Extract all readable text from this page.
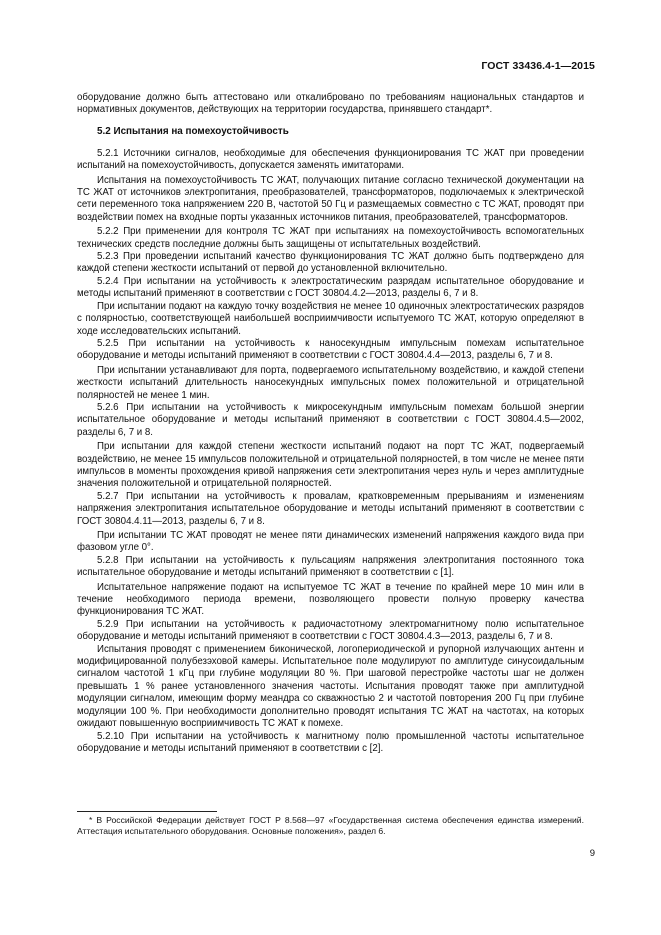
ГОСТ 33436.4-1—2015

оборудование должно быть аттестовано или откалибровано по требованиям национальных стандартов и нормативных документов, действующих на территории государства, принявшего стандарт*.

5.2 Испытания на помехоустойчивость

5.2.1 Источники сигналов, необходимые для обеспечения функционирования ТС ЖАТ при проведении испытаний на помехоустойчивость, допускается заменять имитаторами.

Испытания на помехоустойчивость ТС ЖАТ, получающих питание согласно технической документации на ТС ЖАТ от источников электропитания, преобразователей, трансформаторов, подключаемых к электрической сети переменного тока напряжением 220 В, частотой 50 Гц и размещаемых совместно с ТС ЖАТ, проводят при воздействии помех на входные порты указанных источников питания, преобразователей, трансформаторов.

5.2.2 При применении для контроля ТС ЖАТ при испытаниях на помехоустойчивость вспомогательных технических средств последние должны быть защищены от испытательных воздействий.

5.2.3 При проведении испытаний качество функционирования ТС ЖАТ должно быть подтверждено для каждой степени жесткости испытаний от первой до установленной включительно.

5.2.4 При испытании на устойчивость к электростатическим разрядам испытательное оборудование и методы испытаний применяют в соответствии с ГОСТ 30804.4.2—2013, разделы 6, 7 и 8.

При испытании подают на каждую точку воздействия не менее 10 одиночных электростатических разрядов с полярностью, соответствующей наибольшей восприимчивости испытуемого ТС ЖАТ, которую определяют в ходе исследовательских испытаний.

5.2.5 При испытании на устойчивость к наносекундным импульсным помехам испытательное оборудование и методы испытаний применяют в соответствии с ГОСТ 30804.4.4—2013, разделы 6, 7 и 8.

При испытании устанавливают для порта, подвергаемого испытательному воздействию, и каждой степени жесткости испытаний длительность наносекундных импульсных помех положительной и отрицательной полярностей не менее 1 мин.

5.2.6 При испытании на устойчивость к микросекундным импульсным помехам большой энергии испытательное оборудование и методы испытаний применяют в соответствии с ГОСТ 30804.4.5—2002, разделы 6, 7 и 8.

При испытании для каждой степени жесткости испытаний подают на порт ТС ЖАТ, подвергаемый воздействию, не менее 15 импульсов положительной и отрицательной полярностей, в том числе не менее пяти импульсов в моменты прохождения кривой напряжения сети электропитания через нуль и через амплитудные значения положительной и отрицательной полярностей.

5.2.7 При испытании на устойчивость к провалам, кратковременным прерываниям и изменениям напряжения электропитания испытательное оборудование и методы испытаний применяют в соответствии с ГОСТ 30804.4.11—2013, разделы 6, 7 и 8.

При испытании ТС ЖАТ проводят не менее пяти динамических изменений напряжения каждого вида при фазовом угле 0°.

5.2.8 При испытании на устойчивость к пульсациям напряжения электропитания постоянного тока испытательное оборудование и методы испытаний применяют в соответствии с [1].

Испытательное напряжение подают на испытуемое ТС ЖАТ в течение по крайней мере 10 мин или в течение необходимого периода времени, позволяющего провести полную проверку качества функционирования ТС ЖАТ.

5.2.9 При испытании на устойчивость к радиочастотному электромагнитному полю испытательное оборудование и методы испытаний применяют в соответствии с ГОСТ 30804.4.3—2013, разделы 6, 7 и 8.

Испытания проводят с применением биконической, логопериодической и рупорной излучающих антенн и модифицированной полубезэховой камеры. Испытательное поле модулируют по амплитуде синусоидальным сигналом частотой 1 кГц при глубине модуляции 80 %. При шаговой перестройке частоты шаг не должен превышать 1 % ранее установленного значения частоты. Испытания проводят также при амплитудной модуляции сигналом, имеющим форму меандра со скважностью 2 и частотой повторения 200 Гц при глубине модуляции 100 %. При необходимости дополнительно проводят испытания ТС ЖАТ на частотах, на которых ожидают повышенную восприимчивость ТС ЖАТ к помехе.

5.2.10 При испытании на устойчивость к магнитному полю промышленной частоты испытательное оборудование и методы испытаний применяют в соответствии с [2].

* В Российской Федерации действует ГОСТ Р 8.568—97 «Государственная система обеспечения единства измерений. Аттестация испытательного оборудования. Основные положения», раздел 6.

9
